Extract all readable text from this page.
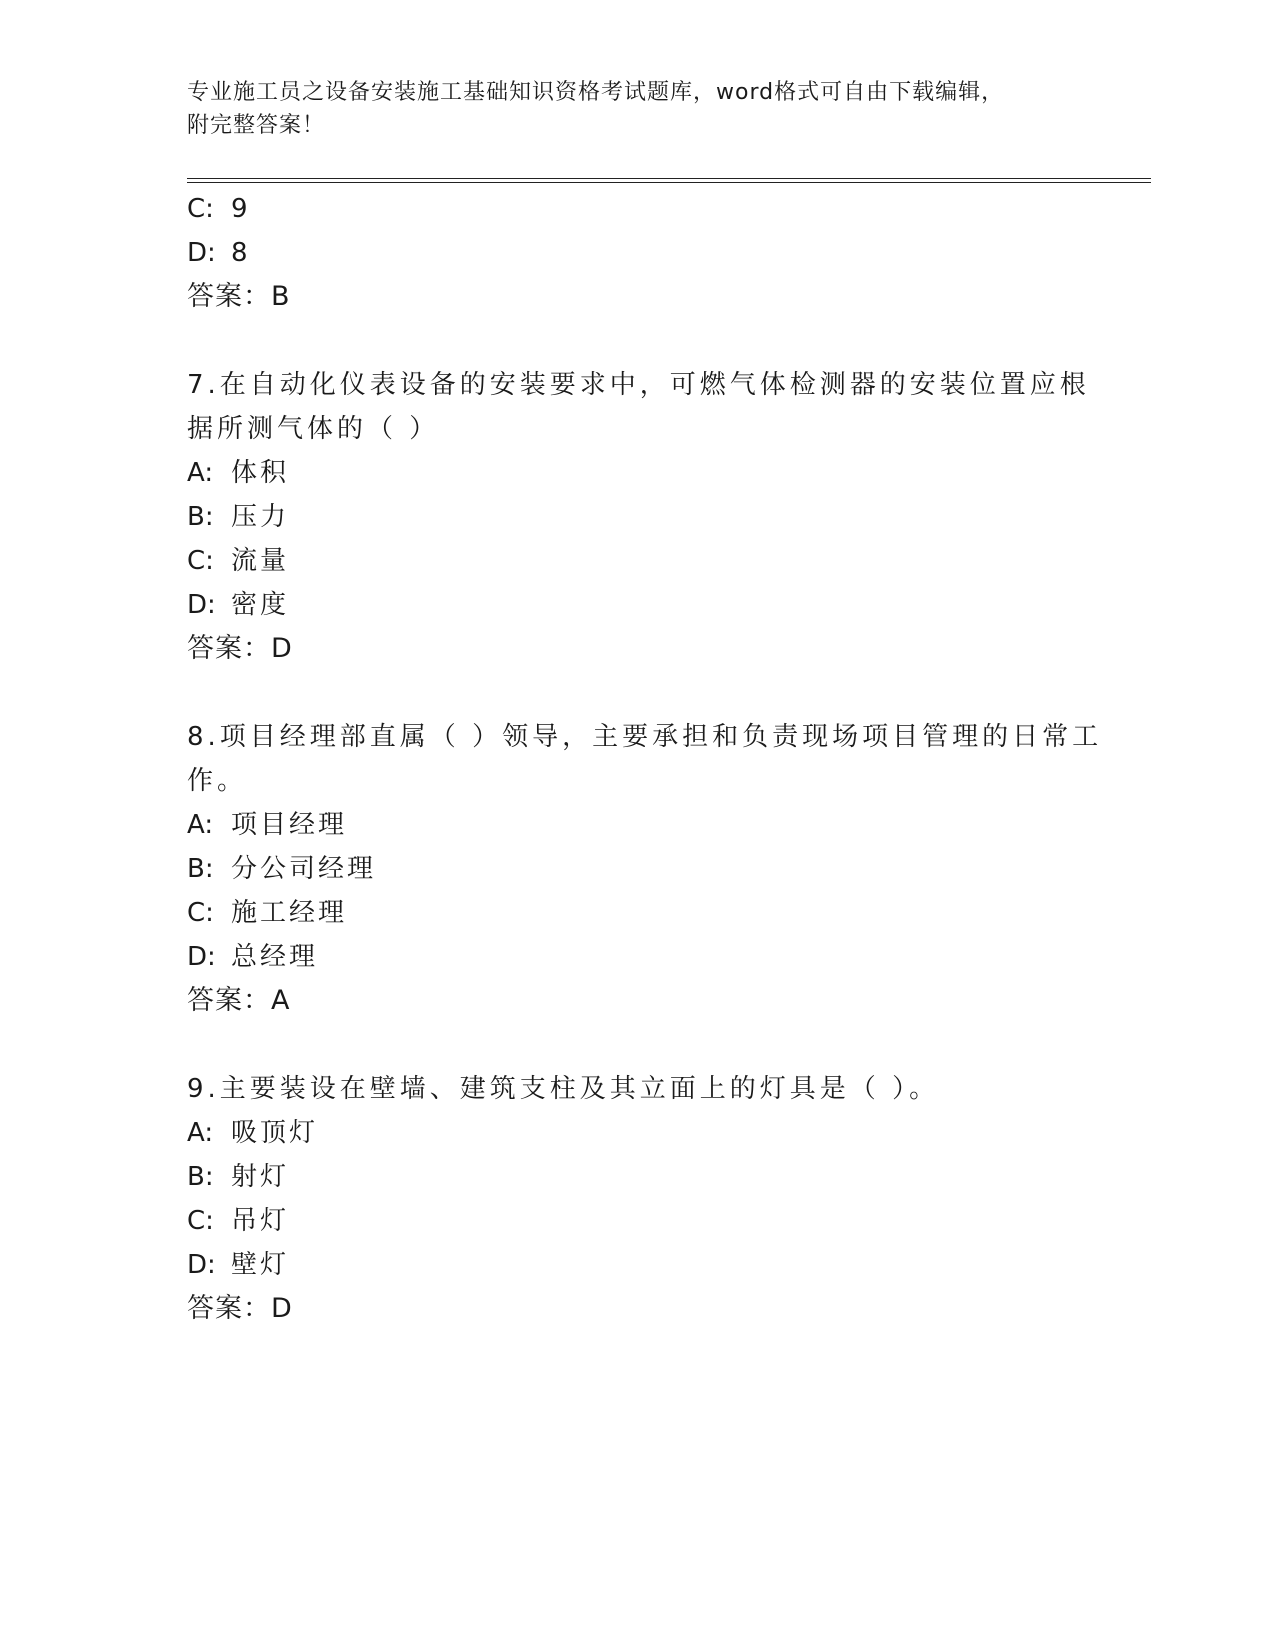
专业施工员之设备安装施工基础知识资格考试题库，word格式可自由下载编辑，
附完整答案！
C: 9
D: 8
答案：B
7.在自动化仪表设备的安装要求中，可燃气体检测器的安装位置应根
据所测气体的（ ）
A: 体积
B: 压力
C: 流量
D: 密度
答案：D
8.项目经理部直属（ ）领导，主要承担和负责现场项目管理的日常工
作。
A: 项目经理
B: 分公司经理
C: 施工经理
D: 总经理
答案：A
9.主要装设在壁墙、建筑支柱及其立面上的灯具是（ ）。
A: 吸顶灯
B: 射灯
C: 吊灯
D: 壁灯
答案：D
